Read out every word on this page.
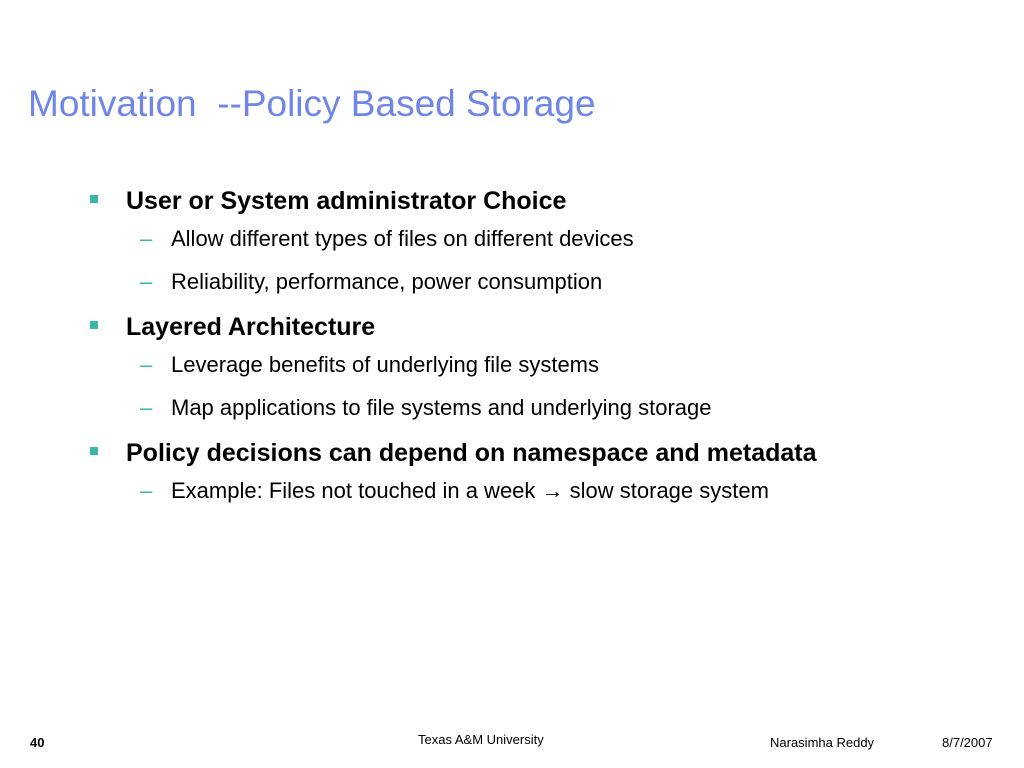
Motivation  --Policy Based Storage
User or System administrator Choice
– Allow different types of files on different devices
– Reliability, performance, power consumption
Layered Architecture
– Leverage benefits of underlying file systems
– Map applications to file systems and underlying storage
Policy decisions can depend on namespace and metadata
– Example: Files not touched in a week → slow storage system
40	Texas A&M University	Narasimha Reddy	8/7/2007
